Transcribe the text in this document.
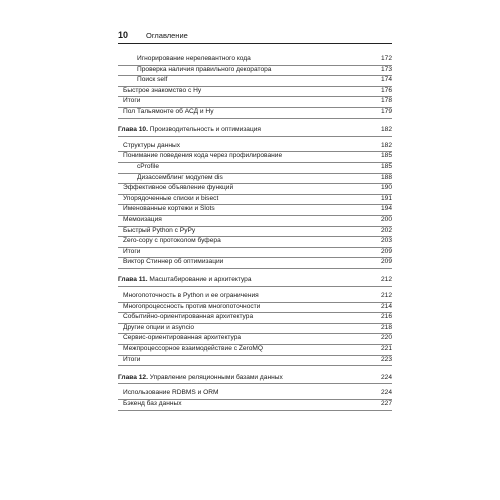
10 Оглавление
Игнорирование нерелевантного кода	172
Проверка наличия правильного декоратора	173
Поиск self	174
Быстрое знакомство с Hy	176
Итоги	178
Пол Тальямонте об АСД и Hy	179
Глава 10. Производительность и оптимизация	182
Структуры данных	182
Понимание поведения кода через профилирование	185
cProfile	185
Дизассемблинг модулем dis	188
Эффективное объявление функций	190
Упорядоченные списки и bisect	191
Именованные кортежи и Slots	194
Мемоизация	200
Быстрый Python с PyPy	202
Zero-copy с протоколом буфера	203
Итоги	209
Виктор Стиннер об оптимизации	209
Глава 11. Масштабирование и архитектура	212
Многопоточность в Python и ее ограничения	212
Многопроцессность против многопоточности	214
Событийно-ориентированная архитектура	216
Другие опции и asyncio	218
Сервис-ориентированная архитектура	220
Межпроцессорное взаимодействие с ZeroMQ	221
Итоги	223
Глава 12. Управление реляционными базами данных	224
Использование RDBMS и ORM	224
Бэкенд баз данных	227
